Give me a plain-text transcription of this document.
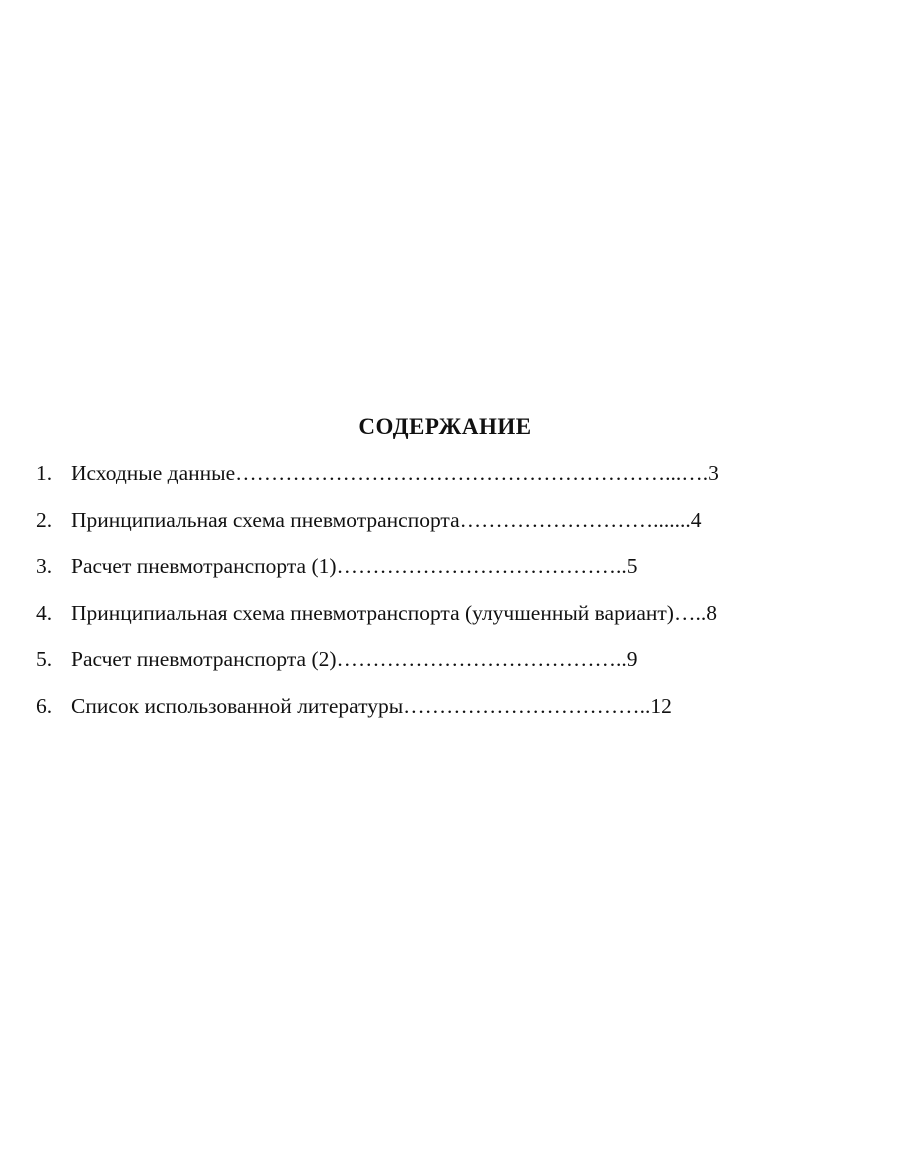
СОДЕРЖАНИЕ
1. Исходные данные……………………………………………………...….3
2. Принципиальная схема пневмотранспорта……………………….......4
3. Расчет пневмотранспорта (1)…………………………………..5
4. Принципиальная схема пневмотранспорта (улучшенный вариант)…..8
5. Расчет пневмотранспорта (2)…………………………………..9
6. Список использованной литературы……………………………..12
